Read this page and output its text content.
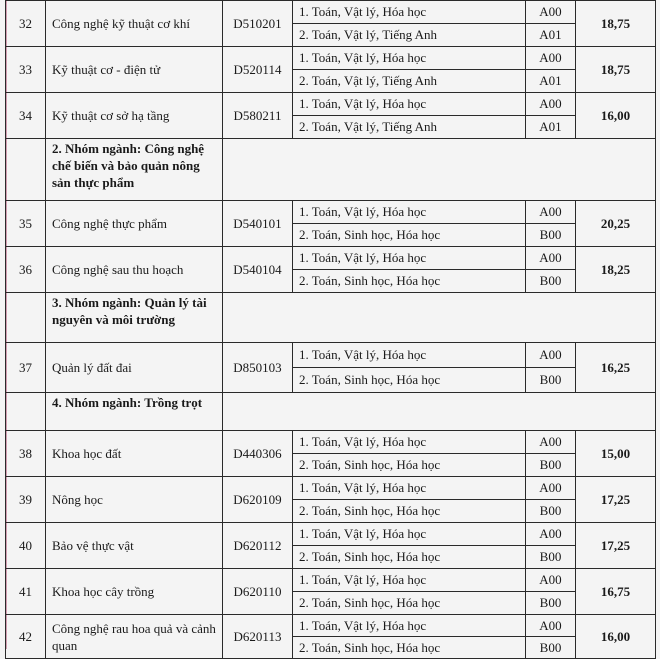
32	Công nghệ kỹ thuật cơ khí	D510201	1. Toán, Vật lý, Hóa học	A00	18,75
			2. Toán, Vật lý, Tiếng Anh	A01	
33	Kỹ thuật cơ - điện tử	D520114	1. Toán, Vật lý, Hóa học	A00	18,75
			2. Toán, Vật lý, Tiếng Anh	A01	
34	Kỹ thuật cơ sở hạ tầng	D580211	1. Toán, Vật lý, Hóa học	A00	16,00
			2. Toán, Vật lý, Tiếng Anh	A01	
	2. Nhóm ngành: Công nghệ chế biến và bảo quản nông sản thực phẩm				
35	Công nghệ thực phẩm	D540101	1. Toán, Vật lý, Hóa học	A00	20,25
			2. Toán, Sinh học, Hóa học	B00	
36	Công nghệ sau thu hoạch	D540104	1. Toán, Vật lý, Hóa học	A00	18,25
			2. Toán, Sinh học, Hóa học	B00	
	3. Nhóm ngành: Quản lý tài nguyên và môi trường				
37	Quản lý đất đai	D850103	1. Toán, Vật lý, Hóa học	A00	16,25
			2. Toán, Sinh học, Hóa học	B00	
	4. Nhóm ngành: Trồng trọt				
38	Khoa học đất	D440306	1. Toán, Vật lý, Hóa học	A00	15,00
			2. Toán, Sinh học, Hóa học	B00	
39	Nông học	D620109	1. Toán, Vật lý, Hóa học	A00	17,25
			2. Toán, Sinh học, Hóa học	B00	
40	Bảo vệ thực vật	D620112	1. Toán, Vật lý, Hóa học	A00	17,25
			2. Toán, Sinh học, Hóa học	B00	
41	Khoa học cây trồng	D620110	1. Toán, Vật lý, Hóa học	A00	16,75
			2. Toán, Sinh học, Hóa học	B00	
42	Công nghệ rau hoa quả và cảnh quan	D620113	1. Toán, Vật lý, Hóa học	A00	16,00
			2. Toán, Sinh học, Hóa học	B00	
